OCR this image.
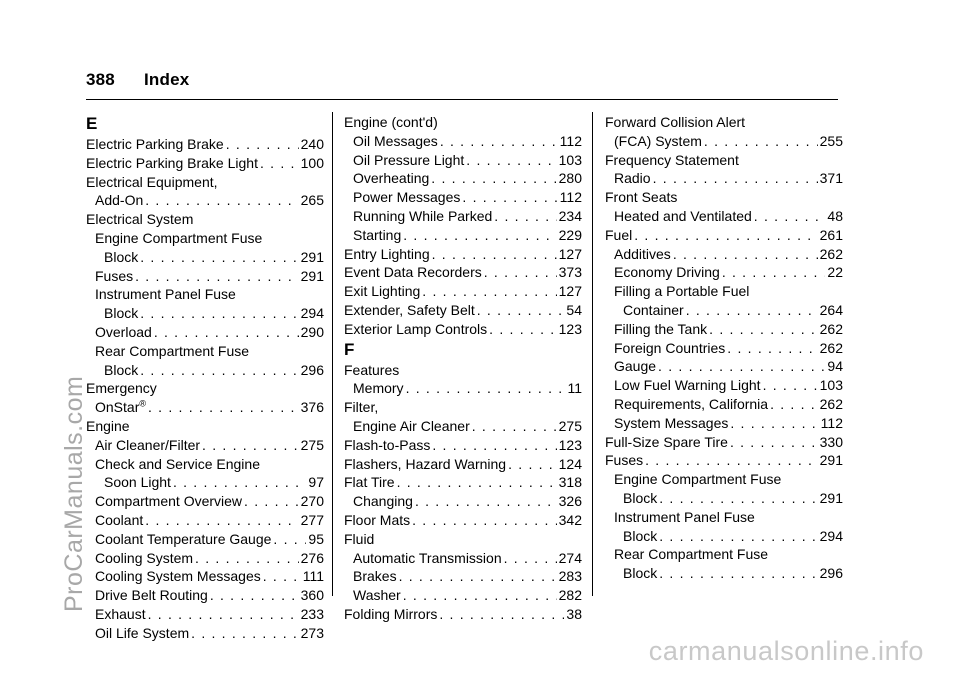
388 Index
E
Electric Parking Brake . . .	240
Electric Parking Brake Light . . .	100
Electrical Equipment,
Add-On . . .	265
Electrical System
Engine Compartment Fuse
Block . . .	291
Fuses . . .	291
Instrument Panel Fuse
Block . . .	294
Overload . . .	290
Rear Compartment Fuse
Block . . .	296
Emergency
OnStar® . . .	376
Engine
Air Cleaner/Filter . . .	275
Check and Service Engine
Soon Light . . .	97
Compartment Overview . . .	270
Coolant . . .	277
Coolant Temperature Gauge . . .	95
Cooling System . . .	276
Cooling System Messages . . .	111
Drive Belt Routing . . .	360
Exhaust . . .	233
Oil Life System . . .	273
Engine (cont'd)
Oil Messages . . .	112
Oil Pressure Light . . .	103
Overheating . . .	280
Power Messages . . .	112
Running While Parked . . .	234
Starting . . .	229
Entry Lighting . . .	127
Event Data Recorders . . .	373
Exit Lighting . . .	127
Extender, Safety Belt . . .	54
Exterior Lamp Controls . . .	123
F
Features
Memory . . .	11
Filter,
Engine Air Cleaner . . .	275
Flash-to-Pass . . .	123
Flashers, Hazard Warning . . .	124
Flat Tire . . .	318
Changing . . .	326
Floor Mats . . .	342
Fluid
Automatic Transmission . . .	274
Brakes . . .	283
Washer . . .	282
Folding Mirrors . . .	38
Forward Collision Alert
(FCA) System . . .	255
Frequency Statement
Radio . . .	371
Front Seats
Heated and Ventilated . . .	48
Fuel . . .	261
Additives . . .	262
Economy Driving . . .	22
Filling a Portable Fuel
Container . . .	264
Filling the Tank . . .	262
Foreign Countries . . .	262
Gauge . . .	94
Low Fuel Warning Light . . .	103
Requirements, California . . .	262
System Messages . . .	112
Full-Size Spare Tire . . .	330
Fuses . . .	291
Engine Compartment Fuse
Block . . .	291
Instrument Panel Fuse
Block . . .	294
Rear Compartment Fuse
Block . . .	296
ProCarManuals.com
carmanualsonline.info
